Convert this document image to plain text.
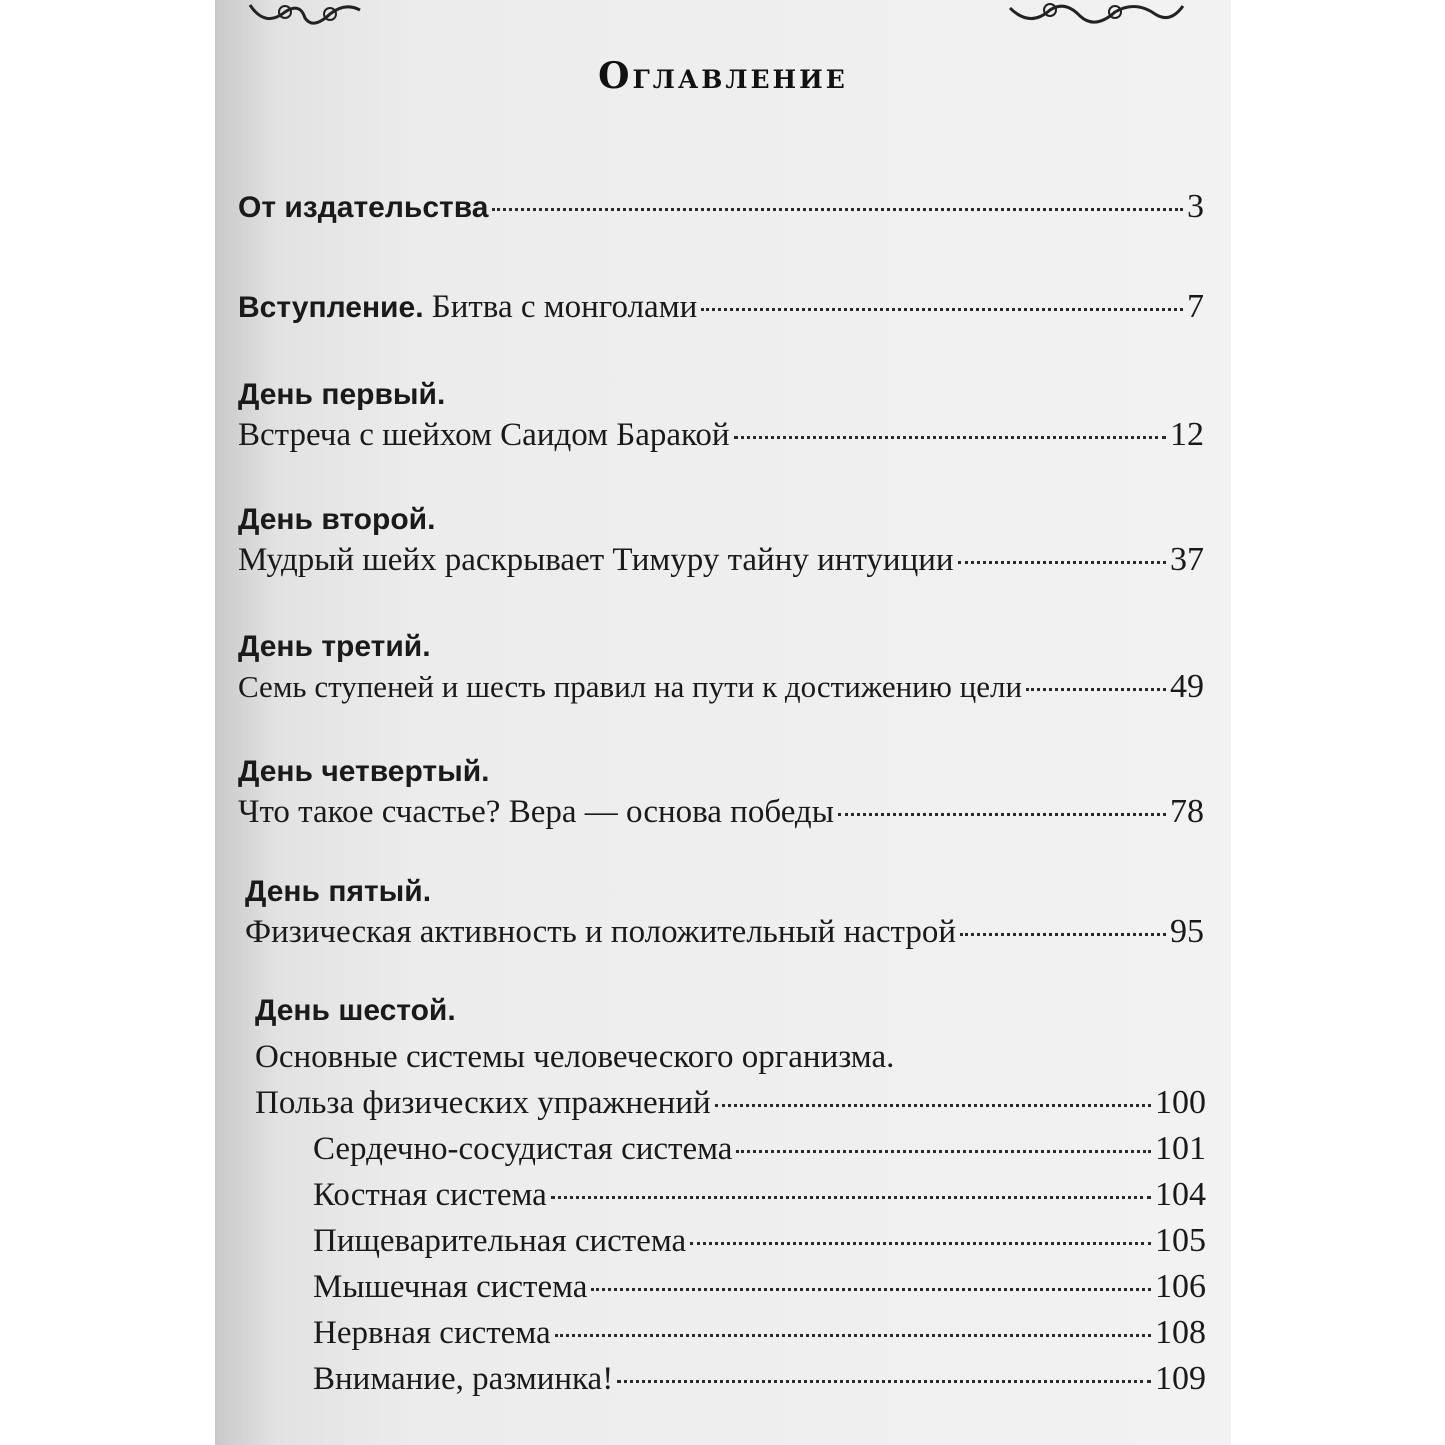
Оглавление
От издательства	3
Вступление. Битва с монголами	7
День первый.
Встреча с шейхом Саидом Баракой	12
День второй.
Мудрый шейх раскрывает Тимуру тайну интуиции	37
День третий.
Семь ступеней и шесть правил на пути к достижению цели	49
День четвертый.
Что такое счастье? Вера — основа победы	78
День пятый.
Физическая активность и положительный настрой	95
День шестой.
Основные системы человеческого организма.
Польза физических упражнений	100
Сердечно-сосудистая система	101
Костная система	104
Пищеварительная система	105
Мышечная система	106
Нервная система	108
Внимание, разминка!	109
